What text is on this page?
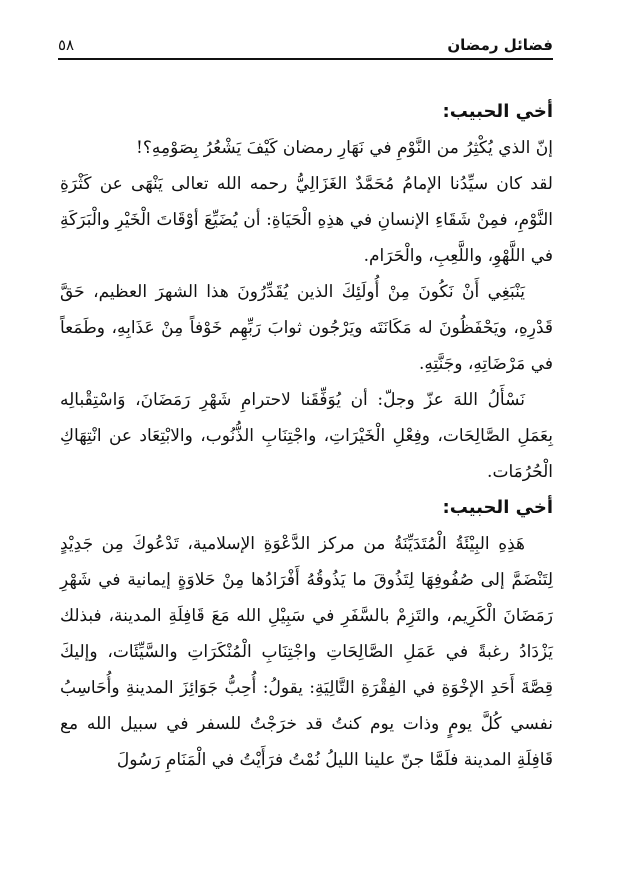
فضائل رمضان
٥٨
أخي الحبيب:

إنّ الذي يُكْثِرُ من النَّوْمِ في نَهَارِ رمضان كَيْفَ يَشْعُرُ بِصَوْمِهِ؟!

لقد كان سيِّدُنا الإمامُ مُحَمَّدٌ الغَزَالِيُّ رحمه الله تعالى يَنْهَى عن كَثْرَةِ النَّوْمِ، فمِنْ شَقَاءِ الإنسانِ في هذِهِ الْحَيَاةِ: أن يُضَيِّعَ أوْقَاتَ الْخَيْرِ والْبَرَكَةِ في اللَّهْوِ، واللَّعِبِ، والْحَرَام.

يَنْبَغِي أَنْ نَكُونَ مِنْ أُولَئِكَ الذين يُقَدِّرُونَ هذا الشهرَ العظيم، حَقَّ قَدْرِهِ، ويَحْفَظُونَ له مَكَانَتَه ويَرْجُون ثوابَ رَبِّهِم خَوْفاً مِنْ عَذَابِهِ، وطَمَعاً في مَرْضَاتِهِ، وجَنَّتِهِ.

نَسْأَلُ اللهَ عزّ وجلّ: أن يُوَفِّقَنا لاحترامِ شَهْرِ رَمَضَانَ، وَاسْتِقْبالِه بِعَمَلِ الصَّالِحَات، وفِعْلِ الْخَيْرَاتِ، واجْتِنَابِ الذُّنُوب، والابْتِعَاد عن انْتِهَاكِ الْحُرُمَات.

أخي الحبيب:

هَذِهِ البِيْئَةُ الْمُتَدَيِّنَةُ من مركز الدَّعْوَةِ الإسلامية، تَدْعُوكَ مِن جَدِيْدٍ لِتَنْضَمَّ إلى صُفُوفِهَا لِتَذُوقَ ما يَذُوقُهُ أَفْرَادُها مِنْ حَلاوَةٍ إيمانية في شَهْرِ رَمَضَانَ الْكَرِيم، والتَزِمْ بالسَّفَرِ في سَبِيْلِ الله مَعَ قَافِلَةِ المدينة، فبذلك يَزْدَادُ رغبةً في عَمَلِ الصَّالِحَاتِ واجْتِنَابِ الْمُنْكَرَاتِ والسَّيِّئَات، وإليكَ قِصَّةَ أَحَدِ الإخْوَةِ في الفِقْرَةِ التَّالِيَةِ: يقولُ: أُحِبُّ جَوَائِزَ المدينةِ وأُحَاسِبُ نفسي كُلَّ يومٍ وذات يوم كنتُ قد خرَجْتُ للسفر في سبيل الله مع قَافِلَةِ المدينة فلَمَّا جنّ علينا الليلُ نُمْتُ فرَأَيْتُ في الْمَنَامِ رَسُولَ
